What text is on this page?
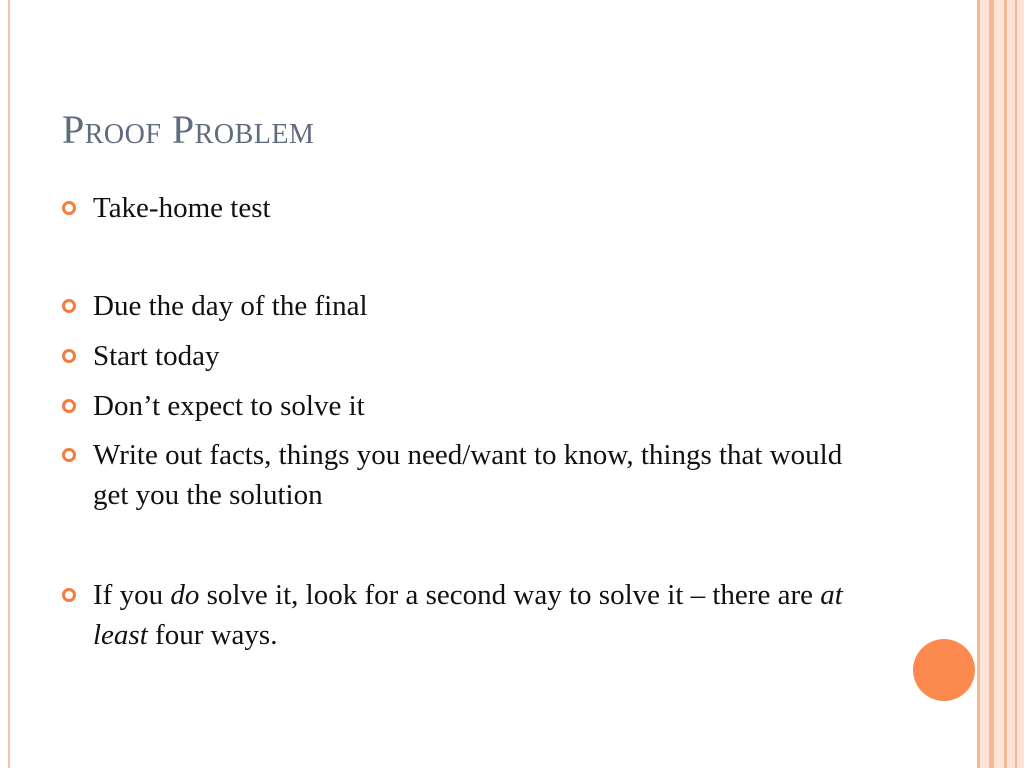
Proof Problem
Take-home test
Due the day of the final
Start today
Don’t expect to solve it
Write out facts, things you need/want to know, things that would get you the solution
If you do solve it, look for a second way to solve it – there are at least four ways.
